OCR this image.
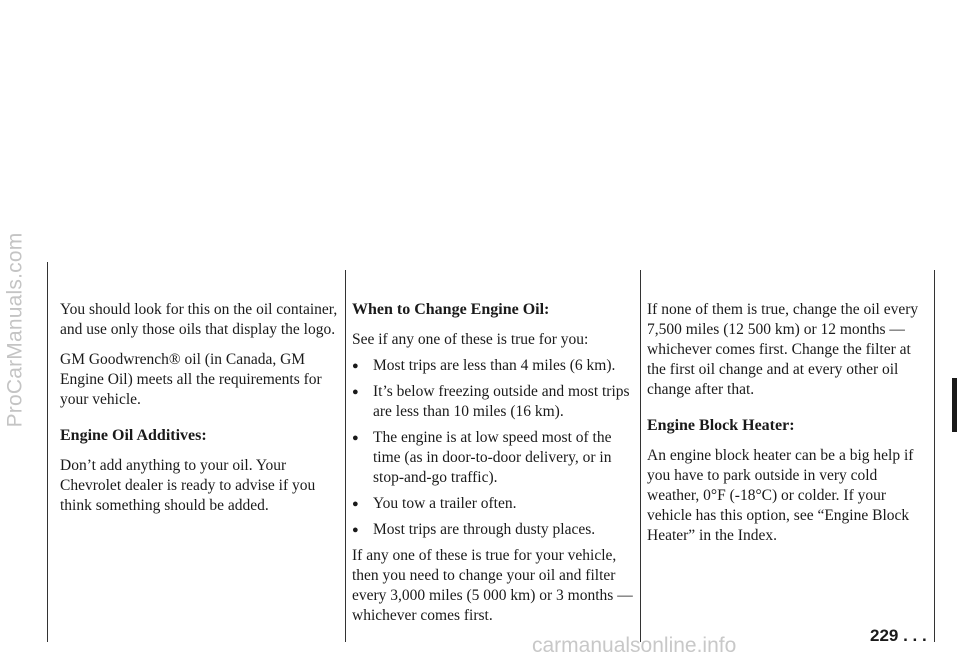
ProCarManuals.com You should look for this on the oil container, and use only those oils that display the logo.

GM Goodwrench® oil (in Canada, GM Engine Oil) meets all the requirements for your vehicle.

Engine Oil Additives:

Don’t add anything to your oil. Your Chevrolet dealer is ready to advise if you think something should be added.

When to Change Engine Oil:

See if any one of these is true for you:

● Most trips are less than 4 miles (6 km).
● It’s below freezing outside and most trips are less than 10 miles (16 km).
● The engine is at low speed most of the time (as in door-to-door delivery, or in stop-and-go traffic).
● You tow a trailer often.
● Most trips are through dusty places.

If any one of these is true for your vehicle, then you need to change your oil and filter every 3,000 miles (5 000 km) or 3 months — whichever comes first.

If none of them is true, change the oil every 7,500 miles (12 500 km) or 12 months — whichever comes first. Change the filter at the first oil change and at every other oil change after that.

Engine Block Heater:

An engine block heater can be a big help if you have to park outside in very cold weather, 0°F (-18°C) or colder. If your vehicle has this option, see “Engine Block Heater” in the Index.

229 . . .
carmanualsonline.info
